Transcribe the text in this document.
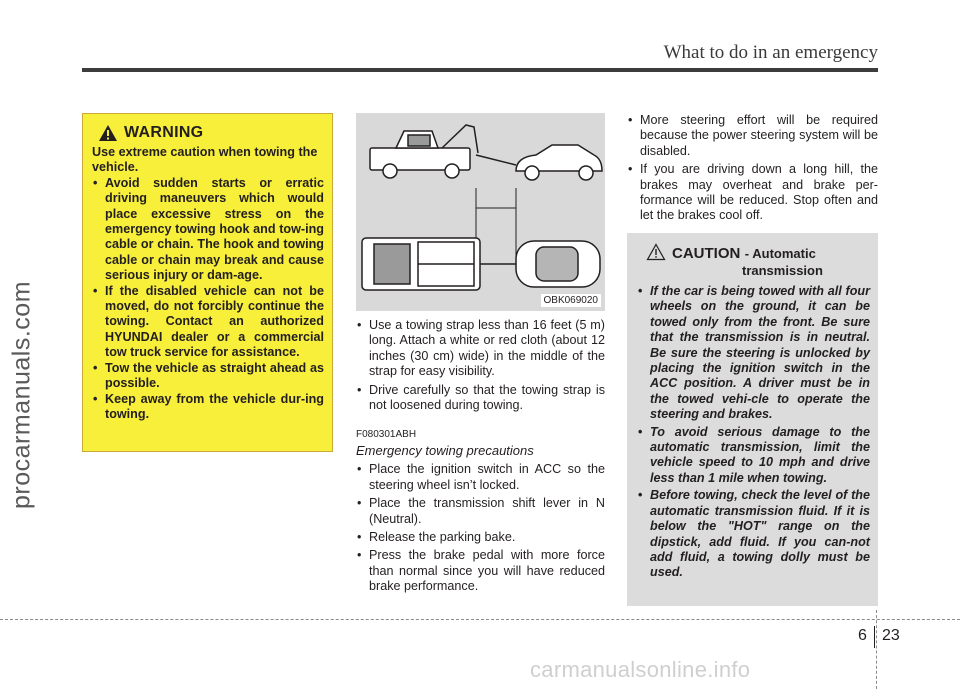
procarmanuals.com
What to do in an emergency
WARNING

Use extreme caution when towing the vehicle.

• Avoid sudden starts or erratic driving maneuvers which would place excessive stress on the emergency towing hook and tow-ing cable or chain. The hook and towing cable or chain may break and cause serious injury or dam-age.
• If the disabled vehicle can not be moved, do not forcibly continue the towing. Contact an authorized HYUNDAI dealer or a commercial tow truck service for assistance.
• Tow the vehicle as straight ahead as possible.
• Keep away from the vehicle dur-ing towing.
OBK069020
• Use a towing strap less than 16 feet (5 m) long. Attach a white or red cloth (about 12 inches (30 cm) wide) in the middle of the strap for easy visibility.
• Drive carefully so that the towing strap is not loosened during towing.
F080301ABH
Emergency towing precautions
• Place the ignition switch in ACC so the steering wheel isn’t locked.
• Place the transmission shift lever in N (Neutral).
• Release the parking bake.
• Press the brake pedal with more force than normal since you will have reduced brake performance.
• More steering effort will be required because the power steering system will be disabled.
• If you are driving down a long hill, the brakes may overheat and brake per-formance will be reduced. Stop often and let the brakes cool off.
CAUTION - Automatic
transmission
• If the car is being towed with all four wheels on the ground, it can be towed only from the front. Be sure that the transmission is in neutral. Be sure the steering is unlocked by placing the ignition switch in the ACC position. A driver must be in the towed vehi-cle to operate the steering and brakes.
• To avoid serious damage to the automatic transmission, limit the vehicle speed to 10 mph and drive less than 1 mile when towing.
• Before towing, check the level of the automatic transmission fluid. If it is below the "HOT" range on the dipstick, add fluid. If you can-not add fluid, a towing dolly must be used.
6 23
carmanualsonline.info
